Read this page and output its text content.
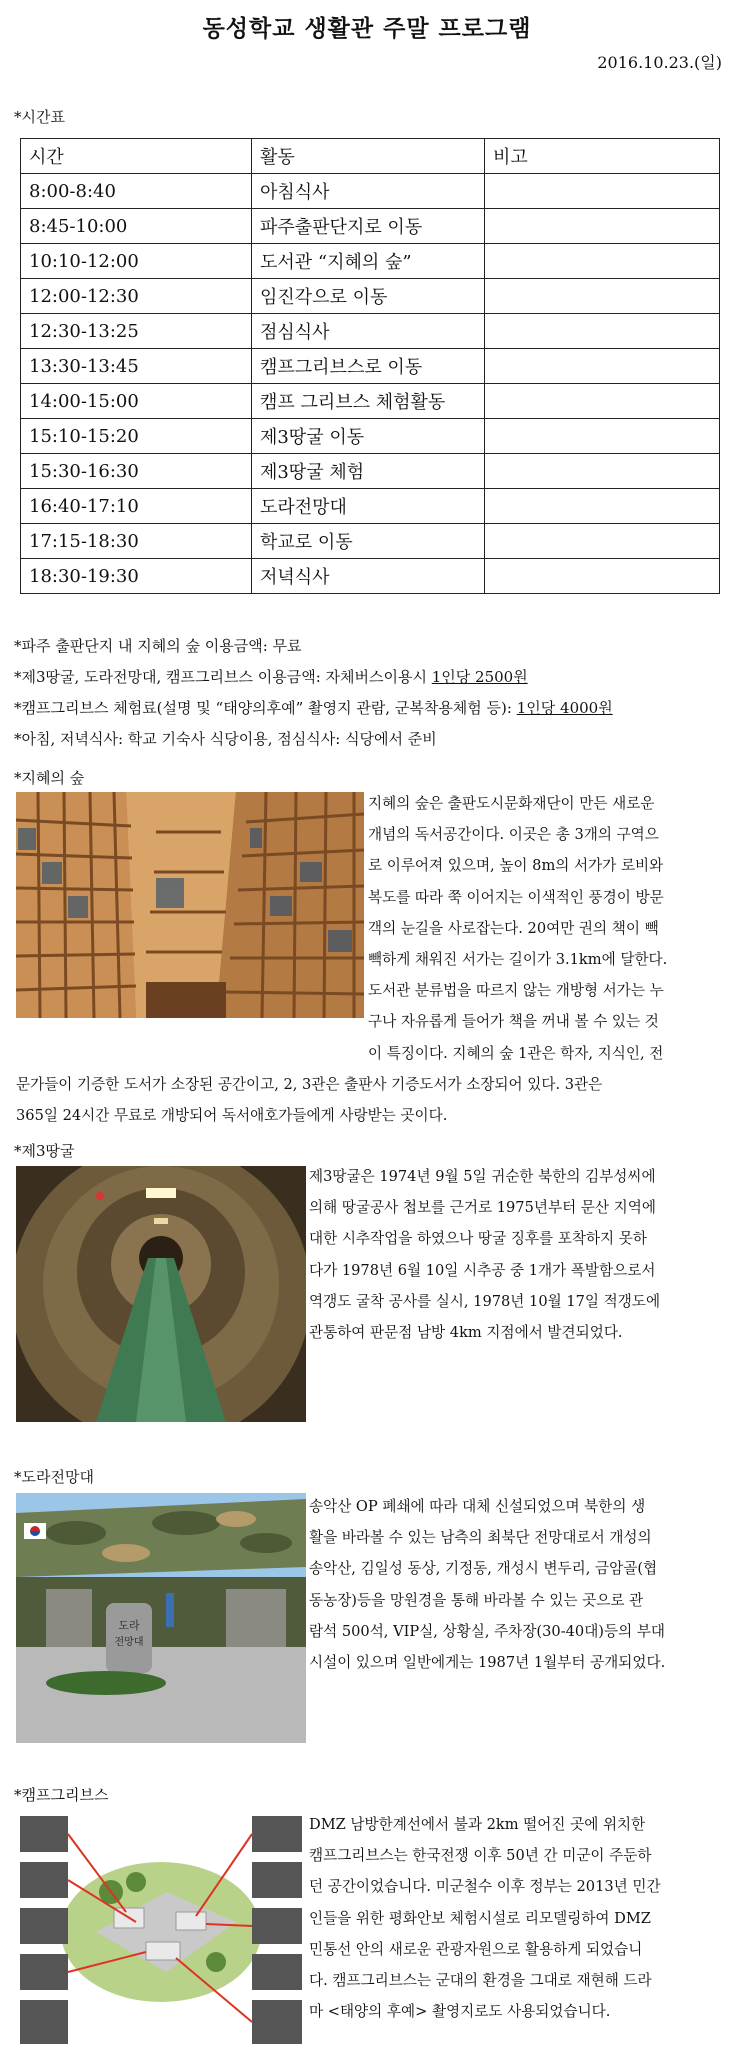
동성학교 생활관 주말 프로그램
2016.10.23.(일)
*시간표
시간	활동	비고
8:00-8:40	아침식사	
8:45-10:00	파주출판단지로 이동	
10:10-12:00	도서관 “지혜의 숲”	
12:00-12:30	임진각으로 이동	
12:30-13:25	점심식사	
13:30-13:45	캠프그리브스로 이동	
14:00-15:00	캠프 그리브스 체험활동	
15:10-15:20	제3땅굴 이동	
15:30-16:30	제3땅굴 체험	
16:40-17:10	도라전망대	
17:15-18:30	학교로 이동	
18:30-19:30	저녁식사	
*파주 출판단지 내 지혜의 숲 이용금액: 무료
*제3땅굴, 도라전망대, 캠프그리브스 이용금액: 자체버스이용시 1인당 2500원
*캠프그리브스 체험료(설명 및 “태양의후예” 촬영지 관람, 군복착용체험 등): 1인당 4000원
*아침, 저녁식사: 학교 기숙사 식당이용, 점심식사: 식당에서 준비
*지혜의 숲
지혜의 숲은 출판도시문화재단이 만든 새로운
개념의 독서공간이다. 이곳은 총 3개의 구역으
로 이루어져 있으며, 높이 8m의 서가가 로비와
복도를 따라 쭉 이어지는 이색적인 풍경이 방문
객의 눈길을 사로잡는다. 20여만 권의 책이 빽
빽하게 채워진 서가는 길이가 3.1km에 달한다.
도서관 분류법을 따르지 않는 개방형 서가는 누
구나 자유롭게 들어가 책을 꺼내 볼 수 있는 것
이 특징이다. 지혜의 숲 1관은 학자, 지식인, 전
문가들이 기증한 도서가 소장된 공간이고, 2, 3관은 출판사 기증도서가 소장되어 있다. 3관은
365일 24시간 무료로 개방되어 독서애호가들에게 사랑받는 곳이다.
*제3땅굴
제3땅굴은 1974년 9월 5일 귀순한 북한의 김부성씨에
의해 땅굴공사 첩보를 근거로 1975년부터 문산 지역에
대한 시추작업을 하였으나 땅굴 징후를 포착하지 못하
다가 1978년 6월 10일 시추공 중 1개가 폭발함으로서
역갱도 굴착 공사를 실시, 1978년 10월 17일 적갱도에
관통하여 판문점 남방 4km 지점에서 발견되었다.
*도라전망대
도라
전망대
송악산 OP 폐쇄에 따라 대체 신설되었으며 북한의 생
활을 바라볼 수 있는 남측의 최북단 전망대로서 개성의
송악산, 김일성 동상, 기정동, 개성시 변두리, 금암골(협
동농장)등을 망원경을 통해 바라볼 수 있는 곳으로 관
람석 500석, VIP실, 상황실, 주차장(30-40대)등의 부대
시설이 있으며 일반에게는 1987년 1월부터 공개되었다.
*캠프그리브스
DMZ 남방한계선에서 불과 2km 떨어진 곳에 위치한
캠프그리브스는 한국전쟁 이후 50년 간 미군이 주둔하
던 공간이었습니다. 미군철수 이후 정부는 2013년 민간
인들을 위한 평화안보 체험시설로 리모델링하여 DMZ
민통선 안의 새로운 관광자원으로 활용하게 되었습니
다. 캠프그리브스는 군대의 환경을 그대로 재현해 드라
마 <태양의 후예> 촬영지로도 사용되었습니다.
